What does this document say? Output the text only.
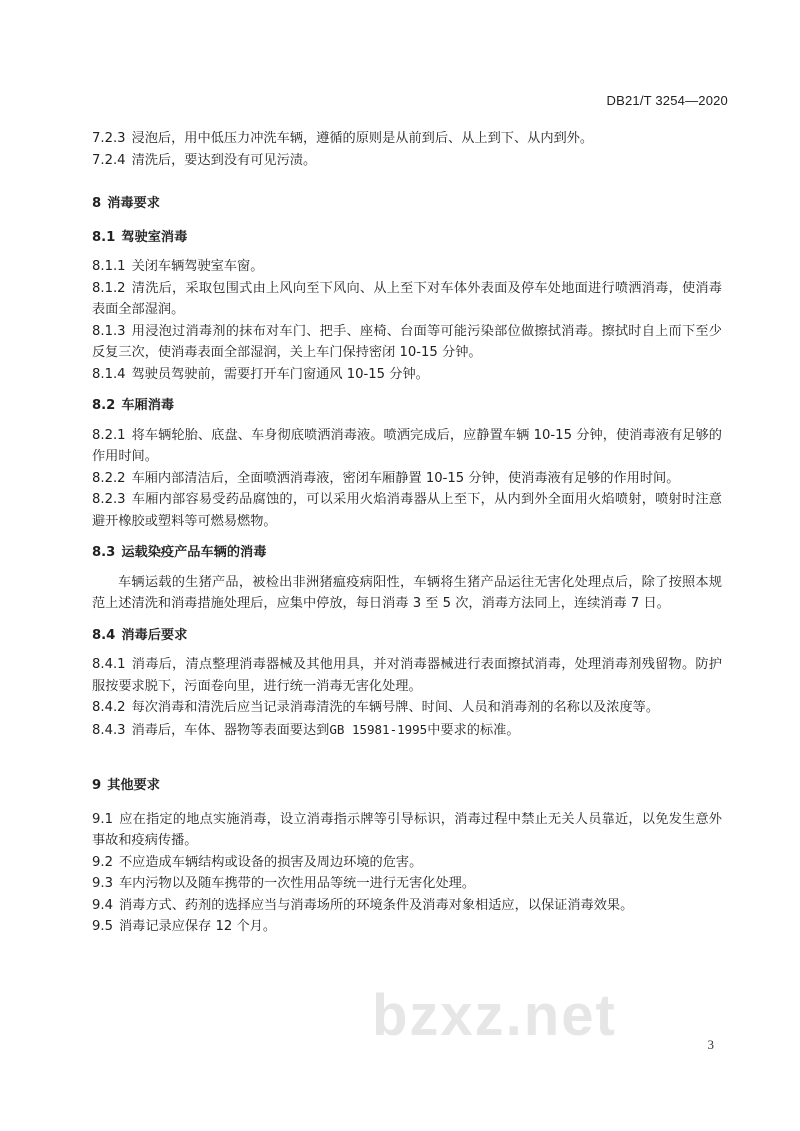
DB21/T 3254—2020

7.2.3 浸泡后，用中低压力冲洗车辆，遵循的原则是从前到后、从上到下、从内到外。

7.2.4 清洗后，要达到没有可见污渍。

8 消毒要求

8.1 驾驶室消毒

8.1.1 关闭车辆驾驶室车窗。

8.1.2 清洗后，采取包围式由上风向至下风向、从上至下对车体外表面及停车处地面进行喷洒消毒，使消毒表面全部湿润。

8.1.3 用浸泡过消毒剂的抹布对车门、把手、座椅、台面等可能污染部位做擦拭消毒。擦拭时自上而下至少反复三次，使消毒表面全部湿润，关上车门保持密闭 10-15 分钟。

8.1.4 驾驶员驾驶前，需要打开车门窗通风 10-15 分钟。

8.2 车厢消毒

8.2.1 将车辆轮胎、底盘、车身彻底喷洒消毒液。喷洒完成后，应静置车辆 10-15 分钟，使消毒液有足够的作用时间。

8.2.2 车厢内部清洁后，全面喷洒消毒液，密闭车厢静置 10-15 分钟，使消毒液有足够的作用时间。

8.2.3 车厢内部容易受药品腐蚀的，可以采用火焰消毒器从上至下，从内到外全面用火焰喷射，喷射时注意避开橡胶或塑料等可燃易燃物。

8.3 运载染疫产品车辆的消毒

车辆运载的生猪产品，被检出非洲猪瘟疫病阳性，车辆将生猪产品运往无害化处理点后，除了按照本规范上述清洗和消毒措施处理后，应集中停放，每日消毒 3 至 5 次，消毒方法同上，连续消毒 7 日。

8.4 消毒后要求

8.4.1 消毒后，清点整理消毒器械及其他用具，并对消毒器械进行表面擦拭消毒，处理消毒剂残留物。防护服按要求脱下，污面卷向里，进行统一消毒无害化处理。

8.4.2 每次消毒和清洗后应当记录消毒清洗的车辆号牌、时间、人员和消毒剂的名称以及浓度等。

8.4.3 消毒后，车体、器物等表面要达到GB 15981-1995中要求的标准。

9 其他要求

9.1 应在指定的地点实施消毒，设立消毒指示牌等引导标识，消毒过程中禁止无关人员靠近，以免发生意外事故和疫病传播。

9.2 不应造成车辆结构或设备的损害及周边环境的危害。

9.3 车内污物以及随车携带的一次性用品等统一进行无害化处理。

9.4 消毒方式、药剂的选择应当与消毒场所的环境条件及消毒对象相适应，以保证消毒效果。

9.5 消毒记录应保存 12 个月。

bzxz.net	3
